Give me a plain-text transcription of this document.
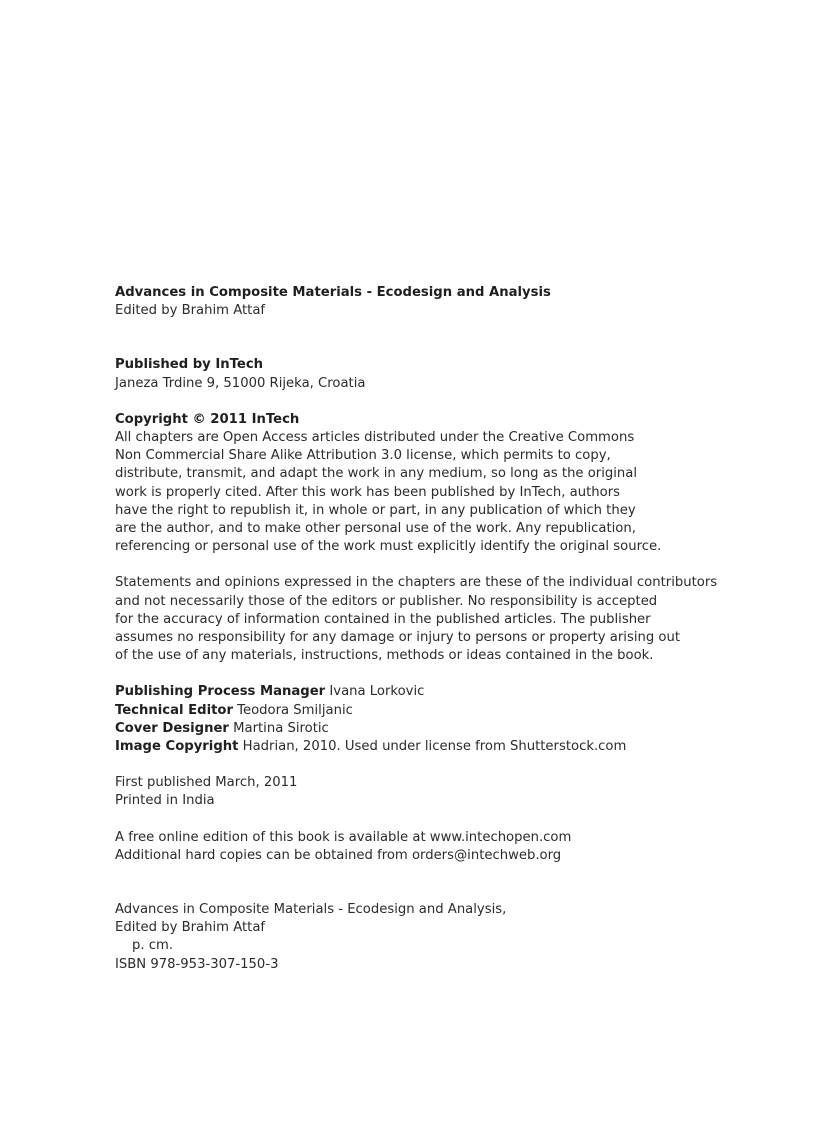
Advances in Composite Materials - Ecodesign and Analysis
Edited by Brahim Attaf
Published by InTech
Janeza Trdine 9, 51000 Rijeka, Croatia
Copyright © 2011 InTech
All chapters are Open Access articles distributed under the Creative Commons
Non Commercial Share Alike Attribution 3.0 license, which permits to copy,
distribute, transmit, and adapt the work in any medium, so long as the original
work is properly cited. After this work has been published by InTech, authors
have the right to republish it, in whole or part, in any publication of which they
are the author, and to make other personal use of the work. Any republication,
referencing or personal use of the work must explicitly identify the original source.
Statements and opinions expressed in the chapters are these of the individual contributors
and not necessarily those of the editors or publisher. No responsibility is accepted
for the accuracy of information contained in the published articles. The publisher
assumes no responsibility for any damage or injury to persons or property arising out
of the use of any materials, instructions, methods or ideas contained in the book.
Publishing Process Manager Ivana Lorkovic
Technical Editor Teodora Smiljanic
Cover Designer Martina Sirotic
Image Copyright Hadrian, 2010. Used under license from Shutterstock.com
First published March, 2011
Printed in India
A free online edition of this book is available at www.intechopen.com
Additional hard copies can be obtained from orders@intechweb.org
Advances in Composite Materials - Ecodesign and Analysis,
Edited by Brahim Attaf
p. cm.
ISBN 978-953-307-150-3
